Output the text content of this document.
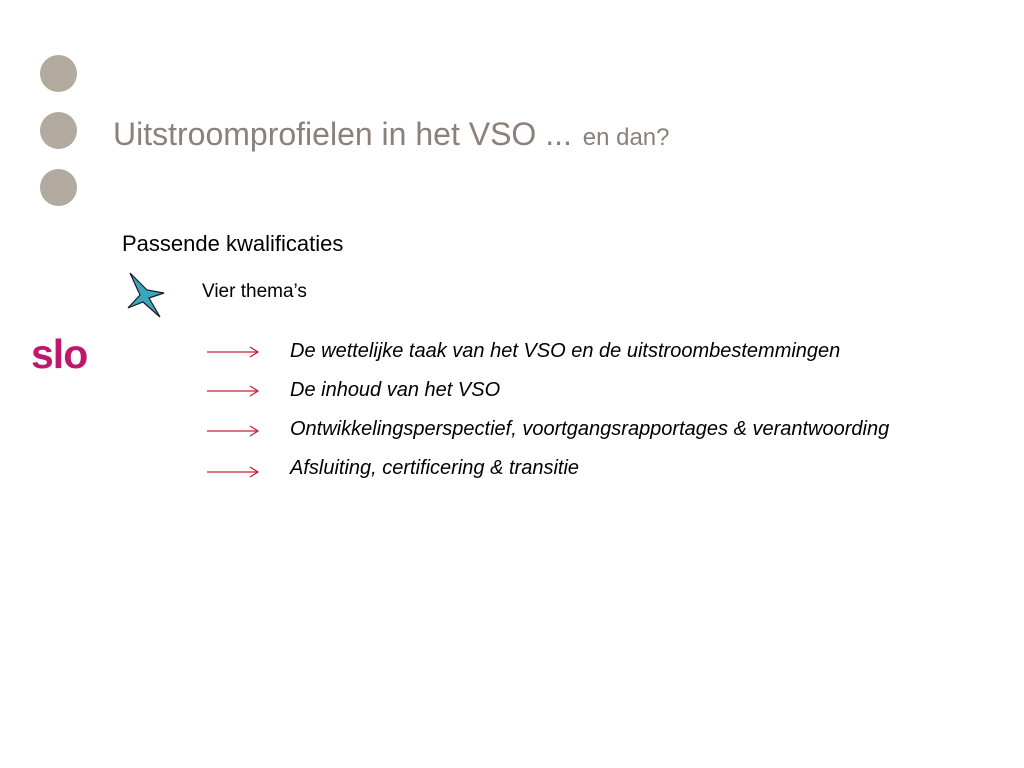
Uitstroomprofielen in het VSO ... en dan?
slo
Passende kwalificaties
Vier thema’s
De wettelijke taak van het VSO en de uitstroombestemmingen
De inhoud van het VSO
Ontwikkelingsperspectief, voortgangsrapportages & verantwoording
Afsluiting, certificering & transitie
